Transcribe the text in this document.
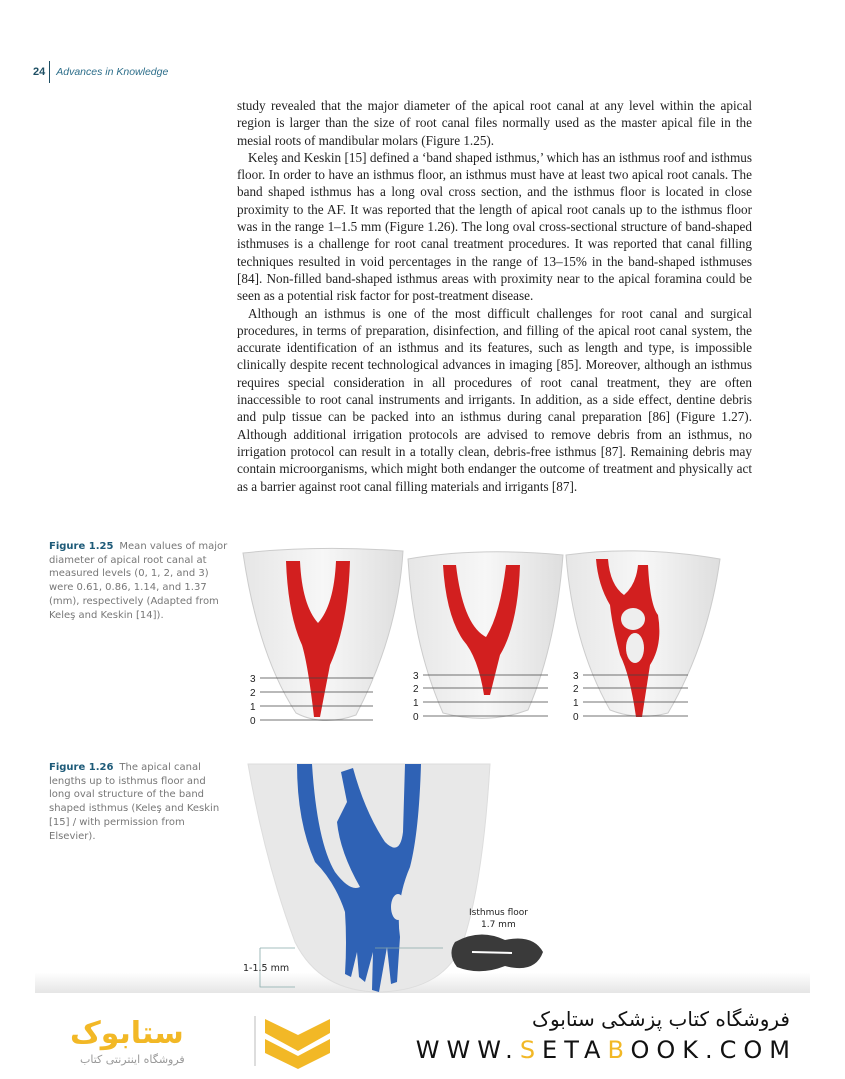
24	Advances in Knowledge

study revealed that the major diameter of the apical root canal at any level within the apical region is larger than the size of root canal files normally used as the master apical file in the mesial roots of mandibular molars (Figure 1.25).

Keleş and Keskin [15] defined a ‘band shaped isthmus,’ which has an isthmus roof and isthmus floor. In order to have an isthmus floor, an isthmus must have at least two apical root canals. The band shaped isthmus has a long oval cross section, and the isthmus floor is located in close proximity to the AF. It was reported that the length of apical root canals up to the isthmus floor was in the range 1–1.5 mm (Figure 1.26). The long oval cross-sectional structure of band-shaped isthmuses is a challenge for root canal treatment procedures. It was reported that canal filling techniques resulted in void percentages in the range of 13–15% in the band-shaped isthmuses [84]. Non-filled band-shaped isthmus areas with proximity near to the apical foramina could be seen as a potential risk factor for post-treatment disease.

Although an isthmus is one of the most difficult challenges for root canal and surgical procedures, in terms of preparation, disinfection, and filling of the apical root canal system, the accurate identification of an isthmus and its features, such as length and type, is impossible clinically despite recent technological advances in imaging [85]. Moreover, although an isthmus requires special consideration in all procedures of root canal treatment, they are often inaccessible to root canal instruments and irrigants. In addition, as a side effect, dentine debris and pulp tissue can be packed into an isthmus during canal preparation [86] (Figure 1.27). Although additional irrigation protocols are advised to remove debris from an isthmus, no irrigation protocol can result in a totally clean, debris-free isthmus [87]. Remaining debris may contain microorganisms, which might both endanger the outcome of treatment and physically act as a barrier against root canal filling materials and irrigants [87].

Figure 1.25 Mean values of major diameter of apical root canal at measured levels (0, 1, 2, and 3) were 0.61, 0.86, 1.14, and 1.37 (mm), respectively (Adapted from Keleş and Keskin [14]).
3
2
1
0
3
2
1
0
3
2
1
0
Figure 1.26 The apical canal lengths up to isthmus floor and long oval structure of the band shaped isthmus (Keleş and Keskin [15] / with permission from Elsevier).
1-1.5 mm
Isthmus floor
1.7 mm
ستابوک
فروشگاه اینترنتی کتاب
فروشگاه کتاب پزشکی ستابوک
WWW.SETABOOK.COM
